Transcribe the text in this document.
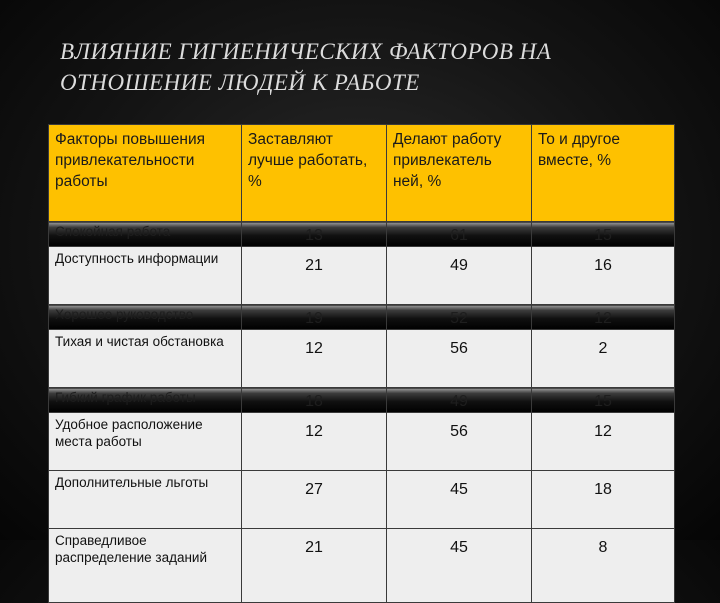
ВЛИЯНИЕ ГИГИЕНИЧЕСКИХ ФАКТОРОВ НА
ОТНОШЕНИЕ ЛЮДЕЙ К РАБОТЕ
Факторы повышения привлекательности работы	Заставляют лучше работать, %	Делают работу привлекатель ней, %	То и другое вместе, %
Спокойная работа	13	61	15
Доступность информации	21	49	16
Хорошее руководство	19	52	12
Тихая и чистая обстановка	12	56	2
Гибкий график работы	18	49	15
Удобное расположение места работы	12	56	12
Дополнительные льготы	27	45	18
Справедливое распределение заданий	21	45	8
